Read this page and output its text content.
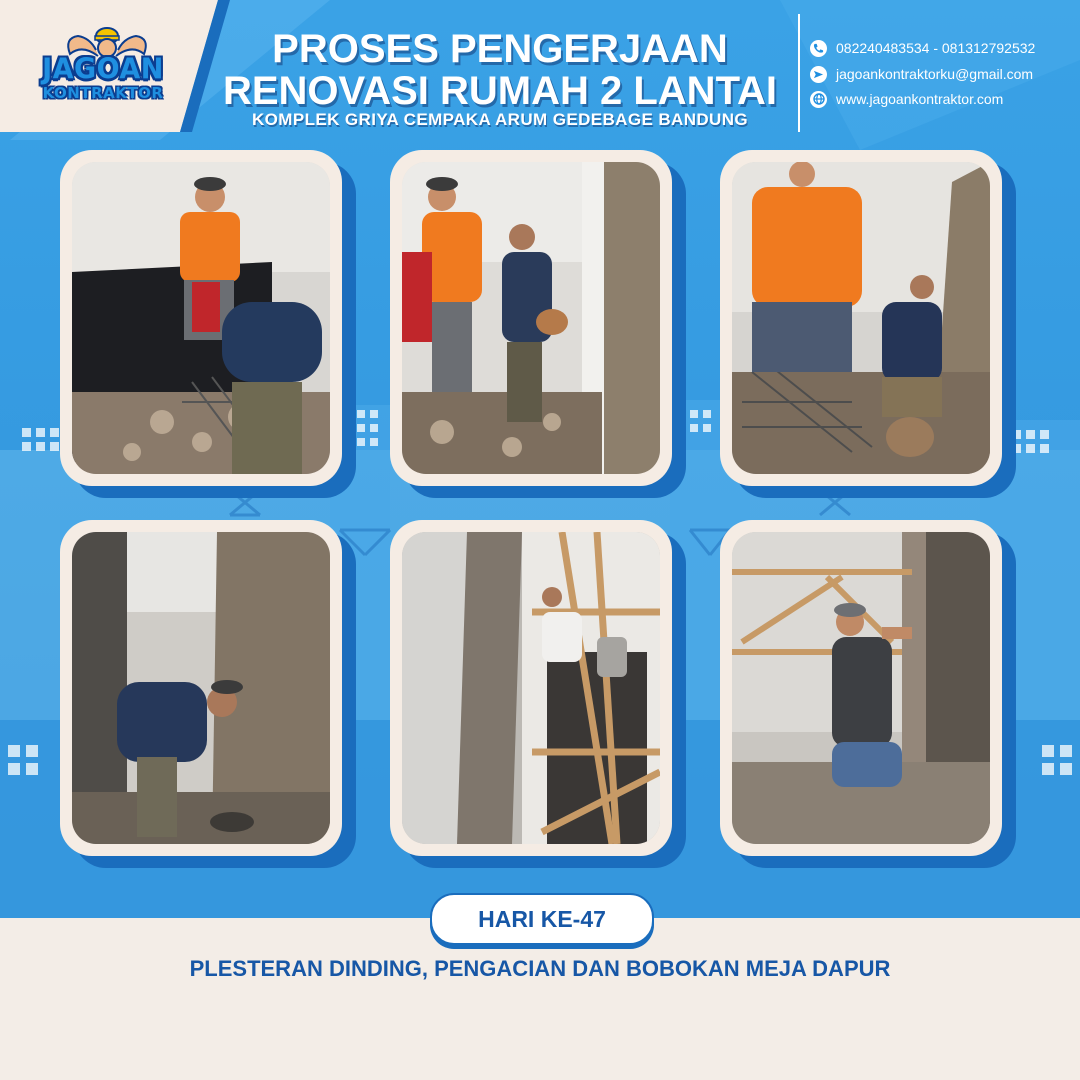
JAGOAN
KONTRAKTOR
PROSES PENGERJAAN
RENOVASI RUMAH 2 LANTAI
KOMPLEK GRIYA CEMPAKA ARUM GEDEBAGE BANDUNG
082240483534 - 081312792532
jagoankontraktorku@gmail.com
www.jagoankontraktor.com
HARI KE-47
PLESTERAN DINDING, PENGACIAN DAN BOBOKAN MEJA DAPUR
